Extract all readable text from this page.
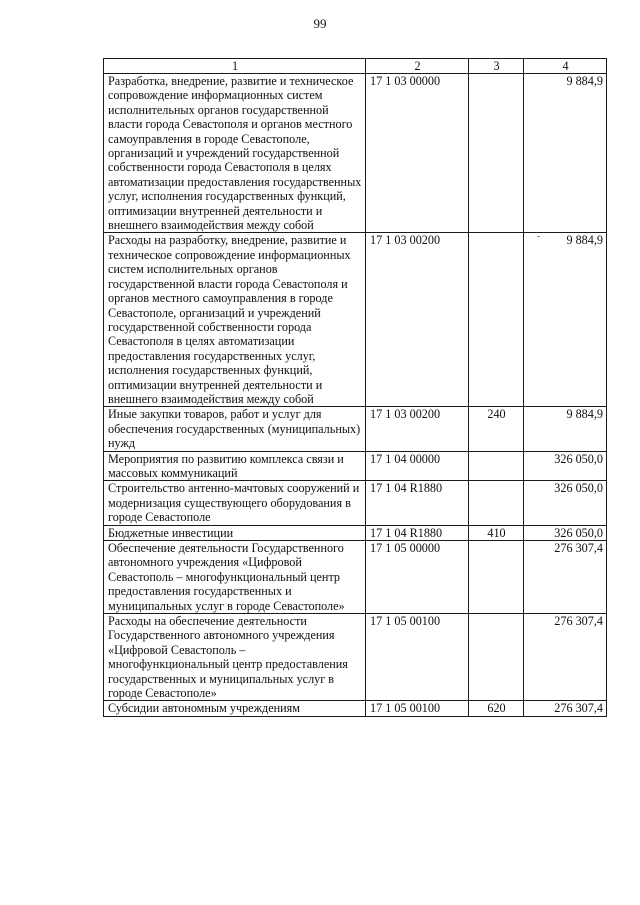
99
1	2	3	4
Разработка, внедрение, развитие и техническое сопровождение информационных систем исполнительных органов государственной власти города Севастополя и органов местного самоуправления в городе Севастополе, организаций и учреждений государственной собственности города Севастополя в целях автоматизации предоставления государственных услуг, исполнения государственных функций, оптимизации внутренней деятельности и внешнего взаимодействия между собой	17 1 03 00000		9 884,9
Расходы на разработку, внедрение, развитие и техническое сопровождение информационных систем исполнительных органов государственной власти города Севастополя и органов местного самоуправления в городе Севастополе, организаций и учреждений государственной собственности города Севастополя в целях автоматизации предоставления государственных услуг, исполнения государственных функций, оптимизации внутренней деятельности и внешнего взаимодействия между собой	17 1 03 00200		9 884,9
Иные закупки товаров, работ и услуг для обеспечения государственных (муниципальных) нужд	17 1 03 00200	240	9 884,9
Мероприятия по развитию комплекса связи и массовых коммуникаций	17 1 04 00000		326 050,0
Строительство антенно-мачтовых сооружений и модернизация существующего оборудования в городе Севастополе	17 1 04 R1880		326 050,0
Бюджетные инвестиции	17 1 04 R1880	410	326 050,0
Обеспечение деятельности Государственного автономного учреждения «Цифровой Севастополь – многофункциональный центр предоставления государственных и муниципальных услуг в городе Севастополе»	17 1 05 00000		276 307,4
Расходы на обеспечение деятельности Государственного автономного учреждения «Цифровой Севастополь – многофункциональный центр предоставления государственных и муниципальных услуг в городе Севастополе»	17 1 05 00100		276 307,4
Субсидии автономным учреждениям	17 1 05 00100	620	276 307,4
